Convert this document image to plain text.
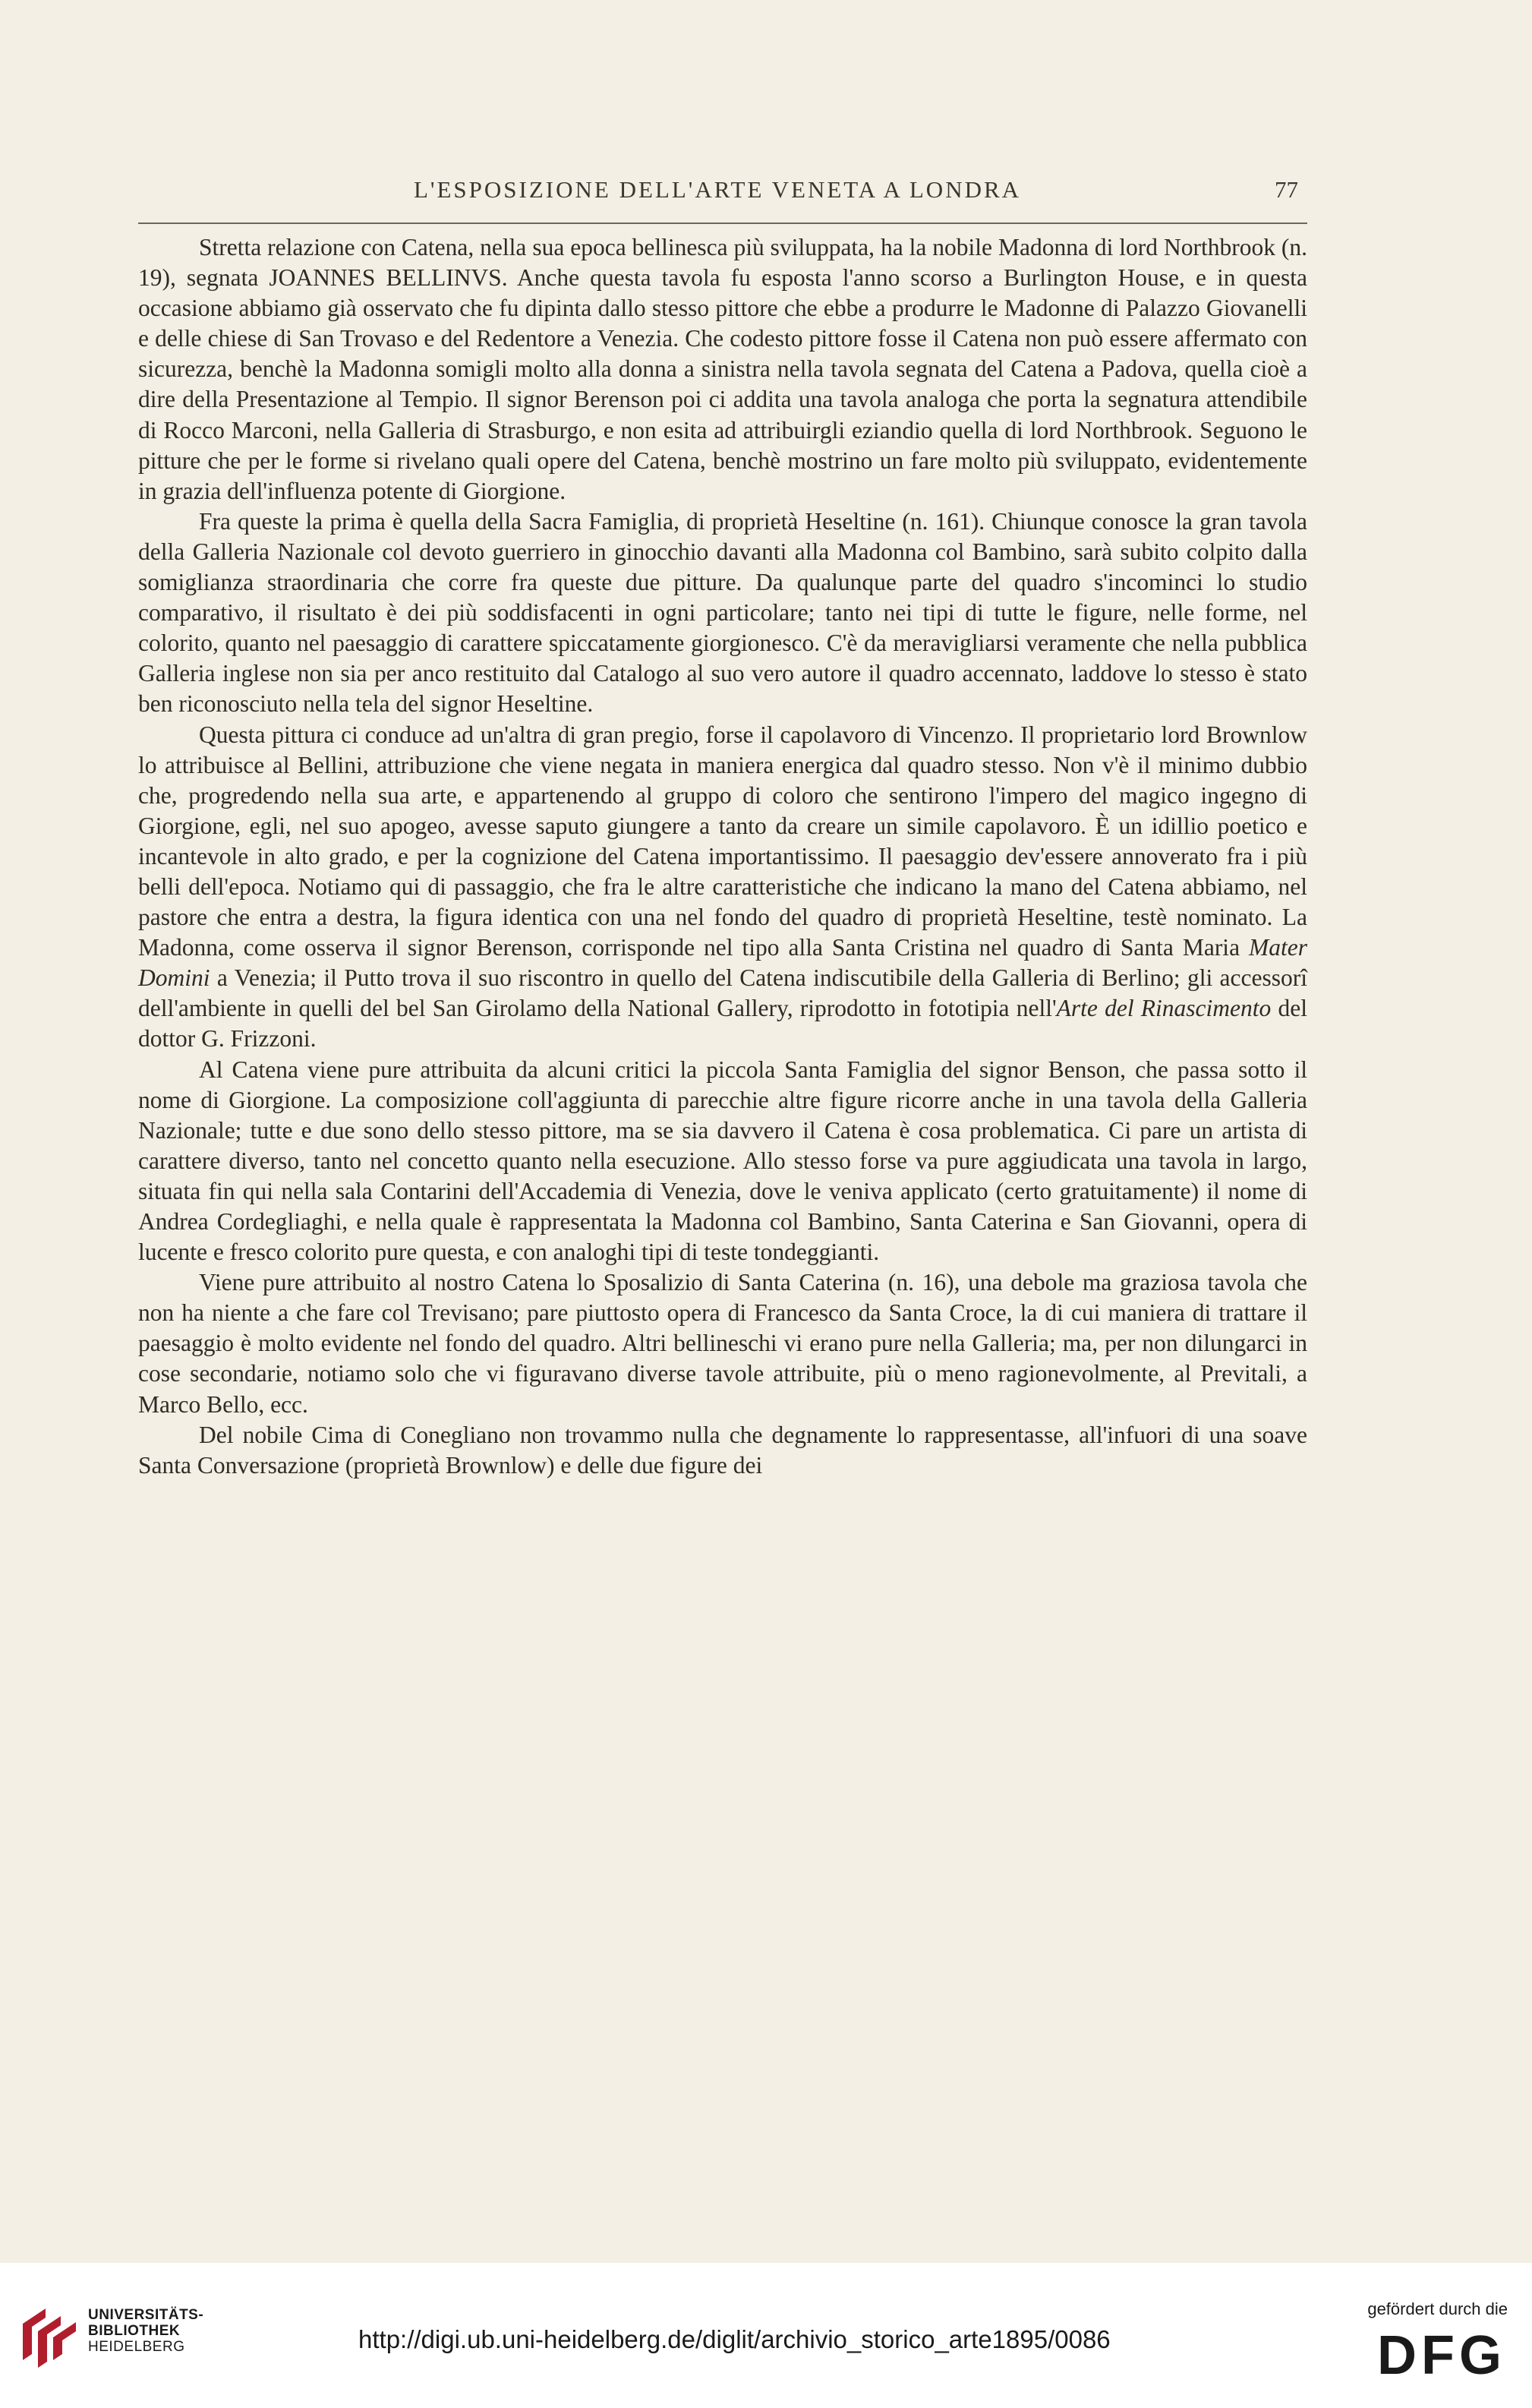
L'ESPOSIZIONE DELL'ARTE VENETA A LONDRA	77

Stretta relazione con Catena, nella sua epoca bellinesca più sviluppata, ha la nobile Madonna di lord Northbrook (n. 19), segnata JOANNES BELLINVS. Anche questa tavola fu esposta l'anno scorso a Burlington House, e in questa occasione abbiamo già osservato che fu dipinta dallo stesso pittore che ebbe a produrre le Madonne di Palazzo Giovanelli e delle chiese di San Trovaso e del Redentore a Venezia. Che codesto pittore fosse il Catena non può essere affermato con sicurezza, benchè la Madonna somigli molto alla donna a sinistra nella tavola segnata del Catena a Padova, quella cioè a dire della Presentazione al Tempio. Il signor Berenson poi ci addita una tavola analoga che porta la segnatura attendibile di Rocco Marconi, nella Galleria di Strasburgo, e non esita ad attribuirgli eziandio quella di lord Northbrook. Seguono le pitture che per le forme si rivelano quali opere del Catena, benchè mostrino un fare molto più sviluppato, evidentemente in grazia dell'influenza potente di Giorgione.

Fra queste la prima è quella della Sacra Famiglia, di proprietà Heseltine (n. 161). Chiunque conosce la gran tavola della Galleria Nazionale col devoto guerriero in ginocchio davanti alla Madonna col Bambino, sarà subito colpito dalla somiglianza straordinaria che corre fra queste due pitture. Da qualunque parte del quadro s'incominci lo studio comparativo, il risultato è dei più soddisfacenti in ogni particolare; tanto nei tipi di tutte le figure, nelle forme, nel colorito, quanto nel paesaggio di carattere spiccatamente giorgionesco. C'è da meravigliarsi veramente che nella pubblica Galleria inglese non sia per anco restituito dal Catalogo al suo vero autore il quadro accennato, laddove lo stesso è stato ben riconosciuto nella tela del signor Heseltine.

Questa pittura ci conduce ad un'altra di gran pregio, forse il capolavoro di Vincenzo. Il proprietario lord Brownlow lo attribuisce al Bellini, attribuzione che viene negata in maniera energica dal quadro stesso. Non v'è il minimo dubbio che, progredendo nella sua arte, e appartenendo al gruppo di coloro che sentirono l'impero del magico ingegno di Giorgione, egli, nel suo apogeo, avesse saputo giungere a tanto da creare un simile capolavoro. È un idillio poetico e incantevole in alto grado, e per la cognizione del Catena importantissimo. Il paesaggio dev'essere annoverato fra i più belli dell'epoca. Notiamo qui di passaggio, che fra le altre caratteristiche che indicano la mano del Catena abbiamo, nel pastore che entra a destra, la figura identica con una nel fondo del quadro di proprietà Heseltine, testè nominato. La Madonna, come osserva il signor Berenson, corrisponde nel tipo alla Santa Cristina nel quadro di Santa Maria Mater Domini a Venezia; il Putto trova il suo riscontro in quello del Catena indiscutibile della Galleria di Berlino; gli accessorî dell'ambiente in quelli del bel San Girolamo della National Gallery, riprodotto in fototipia nell'Arte del Rinascimento del dottor G. Frizzoni.

Al Catena viene pure attribuita da alcuni critici la piccola Santa Famiglia del signor Benson, che passa sotto il nome di Giorgione. La composizione coll'aggiunta di parecchie altre figure ricorre anche in una tavola della Galleria Nazionale; tutte e due sono dello stesso pittore, ma se sia davvero il Catena è cosa problematica. Ci pare un artista di carattere diverso, tanto nel concetto quanto nella esecuzione. Allo stesso forse va pure aggiudicata una tavola in largo, situata fin qui nella sala Contarini dell'Accademia di Venezia, dove le veniva applicato (certo gratuitamente) il nome di Andrea Cordegliaghi, e nella quale è rappresentata la Madonna col Bambino, Santa Caterina e San Giovanni, opera di lucente e fresco colorito pure questa, e con analoghi tipi di teste tondeggianti.

Viene pure attribuito al nostro Catena lo Sposalizio di Santa Caterina (n. 16), una debole ma graziosa tavola che non ha niente a che fare col Trevisano; pare piuttosto opera di Francesco da Santa Croce, la di cui maniera di trattare il paesaggio è molto evidente nel fondo del quadro. Altri bellineschi vi erano pure nella Galleria; ma, per non dilungarci in cose secondarie, notiamo solo che vi figuravano diverse tavole attribuite, più o meno ragionevolmente, al Previtali, a Marco Bello, ecc.

Del nobile Cima di Conegliano non trovammo nulla che degnamente lo rappresentasse, all'infuori di una soave Santa Conversazione (proprietà Brownlow) e delle due figure dei

UNIVERSITÄTS-
BIBLIOTHEK
HEIDELBERG	http://digi.ub.uni-heidelberg.de/diglit/archivio_storico_arte1895/0086
gefördert durch die
DFG
